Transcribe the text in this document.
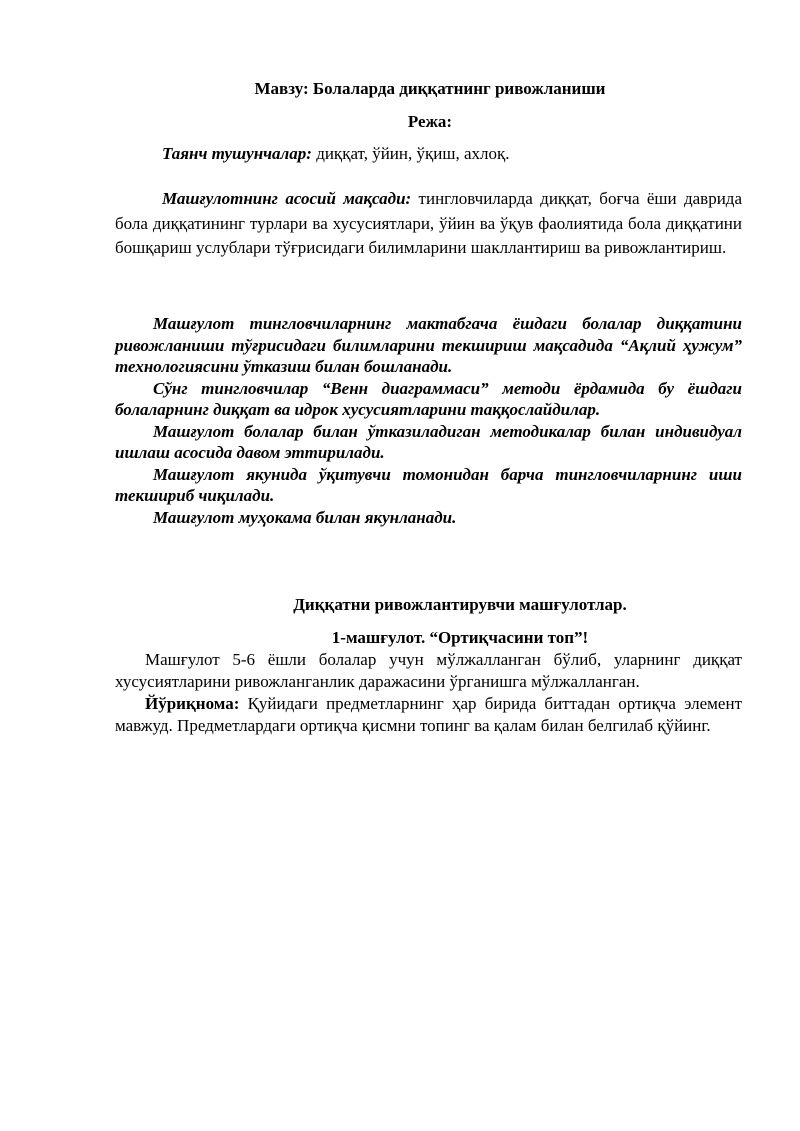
Мавзу: Болаларда диққатнинг ривожланиши

Режа:

Таянч тушунчалар: диққат, ўйин, ўқиш, ахлоқ.

Машғулотнинг асосий мақсади: тингловчиларда диққат, боғча ёши даврида бола диққатининг турлари ва хусусиятлари, ўйин ва ўқув фаолиятида бола диққатини бошқариш услублари тўғрисидаги билимларини шакллантириш ва ривожлантириш.

Машғулот тингловчиларнинг мактабгача ёшдаги болалар диққатини ривожланиши тўғрисидаги билимларини текшириш мақсадида “Ақлий ҳужум” технологиясини ўтказиш билан бошланади.

Сўнг тингловчилар “Венн диаграммаси” методи ёрдамида бу ёшдаги болаларнинг диққат ва идрок хусусиятларини таққослайдилар.

Машғулот болалар билан ўтказиладиган методикалар билан индивидуал ишлаш асосида давом эттирилади.

Машғулот якунида ўқитувчи томонидан барча тингловчиларнинг иши текшириб чиқилади.

Машғулот муҳокама билан якунланади.

Диққатни ривожлантирувчи машғулотлар.

1-машғулот. “Ортиқчасини топ”!

Машғулот 5-6 ёшли болалар учун мўлжалланган бўлиб, уларнинг диққат хусусиятларини ривожланганлик даражасини ўрганишга мўлжалланган.

Йўриқнома: Қуйидаги предметларнинг ҳар бирида биттадан ортиқча элемент мавжуд. Предметлардаги ортиқча қисмни топинг ва қалам билан белгилаб қўйинг.
